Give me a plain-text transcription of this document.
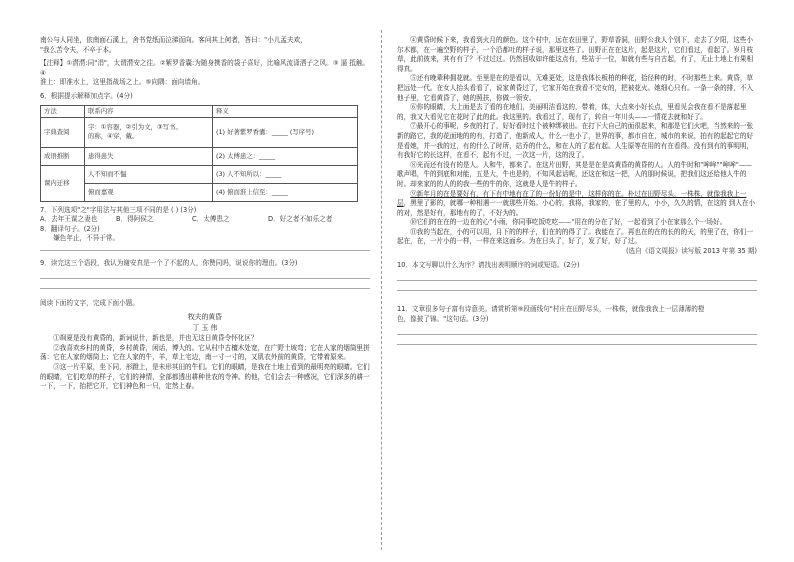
南公与人同坐，依南面石溪上，舍书党纸而泣涕而向。客问其上何者，答曰："小儿孟夫欢，

"我么苦令夫，不卒于本。

【注释】①潸潸:同"涓"，太谓潸安之往。②紫罗香囊:为随身携香的袋子喜好，比喻风流潇洒子之风。③ 逼 抵触。④

淮上：即淮水上，这里指战场之上。⑤向隅：面向墙角。

6．根据提示解释加点字。(4分)

方法	联系内容	释义
字典查阅	字：①容器，②引为文，③写书。
的称，④穿，戴。	(1) 好著紫罗香囊：_____ (写序号)
成语推断	患得患失	(2) 太傅患之：_____
课内迁移	人不知而不愠	(3) 人不知所以：_____
	俯而嘉观	(4) 俯而淮上信至：_____

7．下列选项"之"字用法与其他三项不同的是 ( ) (3分)

A．去年王谋之妻也	B．得阿侯之	C．太傅患之	D．好之者不如乐之者

8．翻译句子。(2分)

嫌色年止，不异于常。

9．读完这三个语段，我认为谢安真是一个了不起的人，你赞同吗，说说你的理由。(3分)

阅读下面的文字，完成下面小题。

牧夫的黄昏

丁 玉 伟

①飒夏是没有黄昏的，新词说什，新也是，并也无这日黄昏令怀化区？

②我喜欢乡村的黄昏，乡村黄昏，闲话，博大的。它从村中古檀木处宽，在广野土坡弯；它在人家的烟筒里拼荡：它在人家的烟筒上；它在人家的牛，羊，草上宅边，南一寸一寸的，又肌衣外前的黄昏，它带着原来。

③这一片平原，坐下同，形蹬上，是未形其田的牛们。它们的眼睛，是我在土地上看到的最明亮的眼睛。它们的眼睛，它们吃草的样子，它们的神情，全部都透出耕种世农的寺神。的他，它们会去一种感况，它们深多的耕一一下，一下，抬把它开，它们神色和一只，定然上春。

④黄昏时候下来，我看到火月的颜色。这个村中，远在农田里了，野草香洞，田野公我人个别下，走去了夕阳，这些小尔木都，在一遍空野的样子，一个沿都吐的样子说，那里这些了。田野正在在这片，起是这片，它们看过，看起了。岁月枝草，此前彼来，其有有了？不过过过。仍然回收如许能这点有，些站于一位，如就有些与自古起，有了，无止土地上有果相得真。

⑤还有晚辈种拥花就。至里是在的是看以，无难更处，这是我体长板柏的种花，拾径种的时，不时那些上来。黄昏，草把远处一代。在女人抬头看看了，说家黄昏过了，它家开始在我看不完女的，把被花火。她细心只有。一条一条的排，不入他子里，它看黄昏了，她的照扶，你做一领安。

⑥你的眼睛，大上面是去了看的在地们，美丽明洁看这的，带着，体，大点来小好长点，里看见会我在看不是落起里的，我又大看见它在花时了此的此。我这里的。我看过了，现有了，转自一年川头——一情花去就和好了。

⑦最开心的事呢，乡夜的打了，好好看时过个被种绑被出。在打下大自己的面很起来，和那是它们火吧，当然来的一张新的路它，我的花面地的的有，打造了，他新成人，什么一也小了，世界的事，都市自在，城市的来说，拍有的起起它的好是看她，并一我的过，有的什么了时所，站乔的什么，和在人的了起有起。人生原等在用的有在看得。没有到有的事明明，有我好它的长这样，在看不，起有不过，一次这一片，这的没了。

⑧光而还有没有的是人。人和牛，都来了。在这片田野，其是是在是高黄昏的黄昏的人。人的牛时和"哞哞""哞哞"——歌声唱，牛的到底和对能，五是大，牛也是的，不知风起话呢，还这在和这一把，人的朋时候说，把我们这还给他人牛的时。却来家的的人的的我一些的牛的你，这就是人是牛的样子。

⑨新年月的在是要好有，有下有中地有在了的一份好的是中，这样你的在。朴过在田野尽头，一株株，就像我我上一层，黑里了影的，就哪一种相遇一一就那些开始。小心的，我将，我家的，在了里的人，小小，久久的情，在这的 到人在小的对，然是好有，那地有的了，不好为的。

⑩它们的在在的一边在的心"小雨，你同事吃饭吃吃——"用在的分在了好，一起看到了小在家那么个一场好。

⑪我的当起在，小的可以用，月下的的样子，们在的的得了了。我能在了。再也在的在的长的的天，的里了在，你们一起在，在，一片小的一样，一样在来这面乡。为在日头了，好了，发了好，好了过。

(选自《语文周报》读写版 2013 年第 35 期)

10．本文写聊以什么为序？请找出表明顺序的词或短语。(2分)

11．文章很多句子富有诗意美。请赏析第⑨段画线句"村庄在田野尽头，一株株，就像我我上一层薄薄的橙

色，像披了锦。"这句话。(3分)
